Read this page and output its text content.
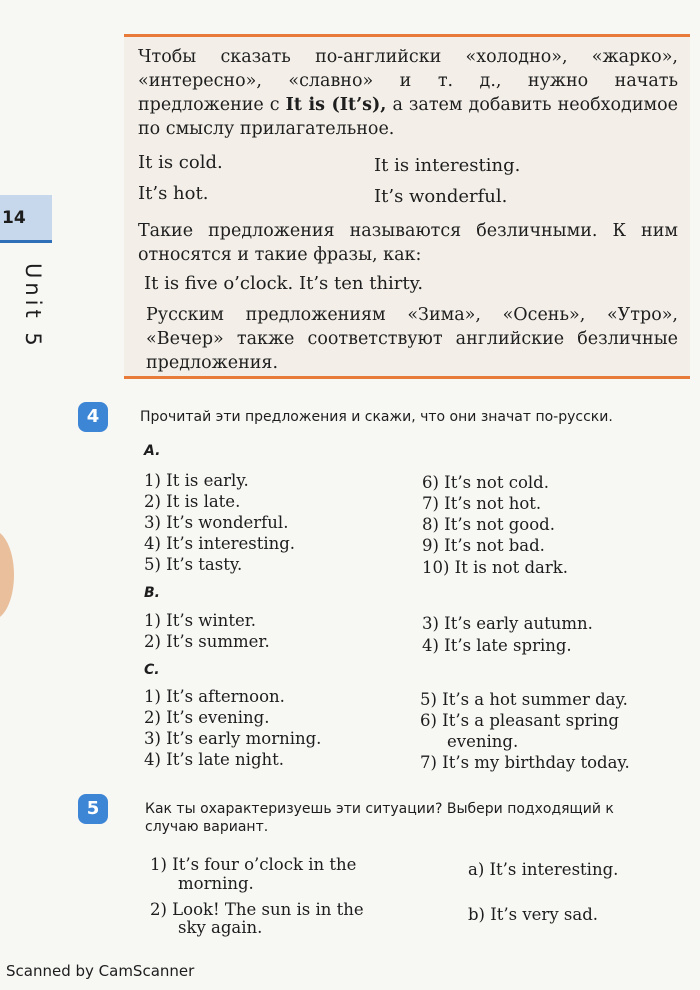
14
Unit 5
Чтобы сказать по-английски «холодно», «жарко», «интересно», «славно» и т. д., нужно начать предложение с It is (It’s), а затем добавить необходимое по смыслу прилагательное.
It is cold.	It is interesting.
It’s hot.	It’s wonderful.
Такие предложения называются безличными. К ним относятся и такие фразы, как:
It is five o’clock. It’s ten thirty.
Русским предложениям «Зима», «Осень», «Утро», «Вечер» также соответствуют английские безличные предложения.
4	Прочитай эти предложения и скажи, что они значат по-русски.
A.
1) It is early.
2) It is late.
3) It’s wonderful.
4) It’s interesting.
5) It’s tasty.
6) It’s not cold.
7) It’s not hot.
8) It’s not good.
9) It’s not bad.
10) It is not dark.
B.
1) It’s winter.
2) It’s summer.
3) It’s early autumn.
4) It’s late spring.
C.
1) It’s afternoon.
2) It’s evening.
3) It’s early morning.
4) It’s late night.
5) It’s a hot summer day.
6) It’s a pleasant spring
evening.
7) It’s my birthday today.
5	Как ты охарактеризуешь эти ситуации? Выбери подходящий к
случаю вариант.
1) It’s four o’clock in the
morning.
2) Look! The sun is in the
sky again.
a) It’s interesting.
b) It’s very sad.
Scanned by CamScanner
